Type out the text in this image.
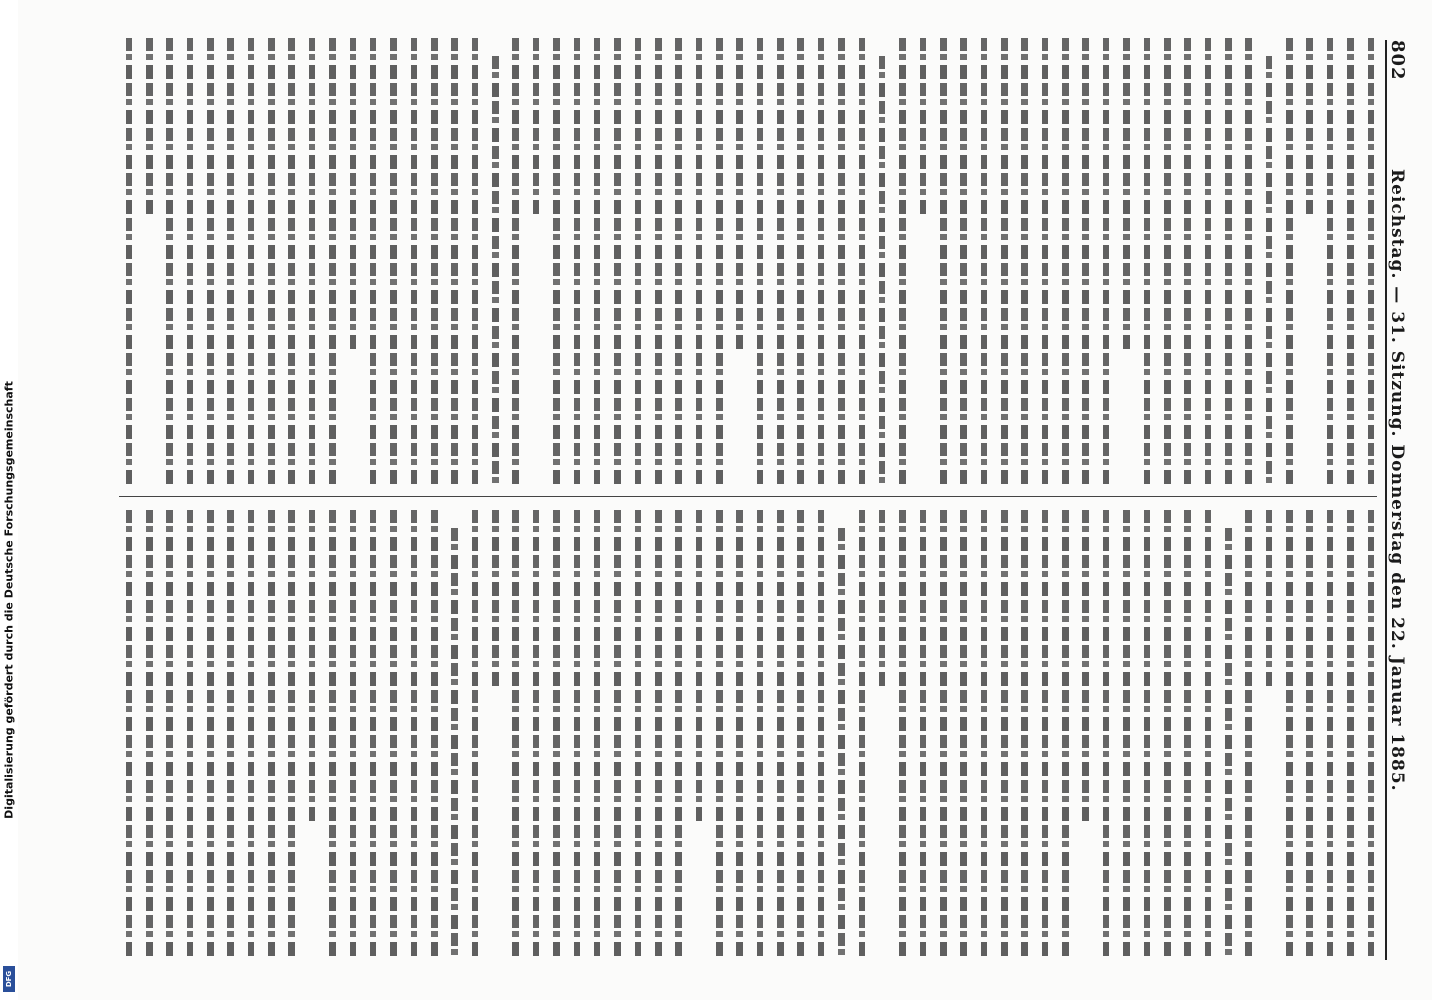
802
Reichstag. — 31. Sitzung. Donnerstag den 22. Januar 1885.
Digitalisierung gefördert durch die Deutsche Forschungsgemeinschaft
DFG
